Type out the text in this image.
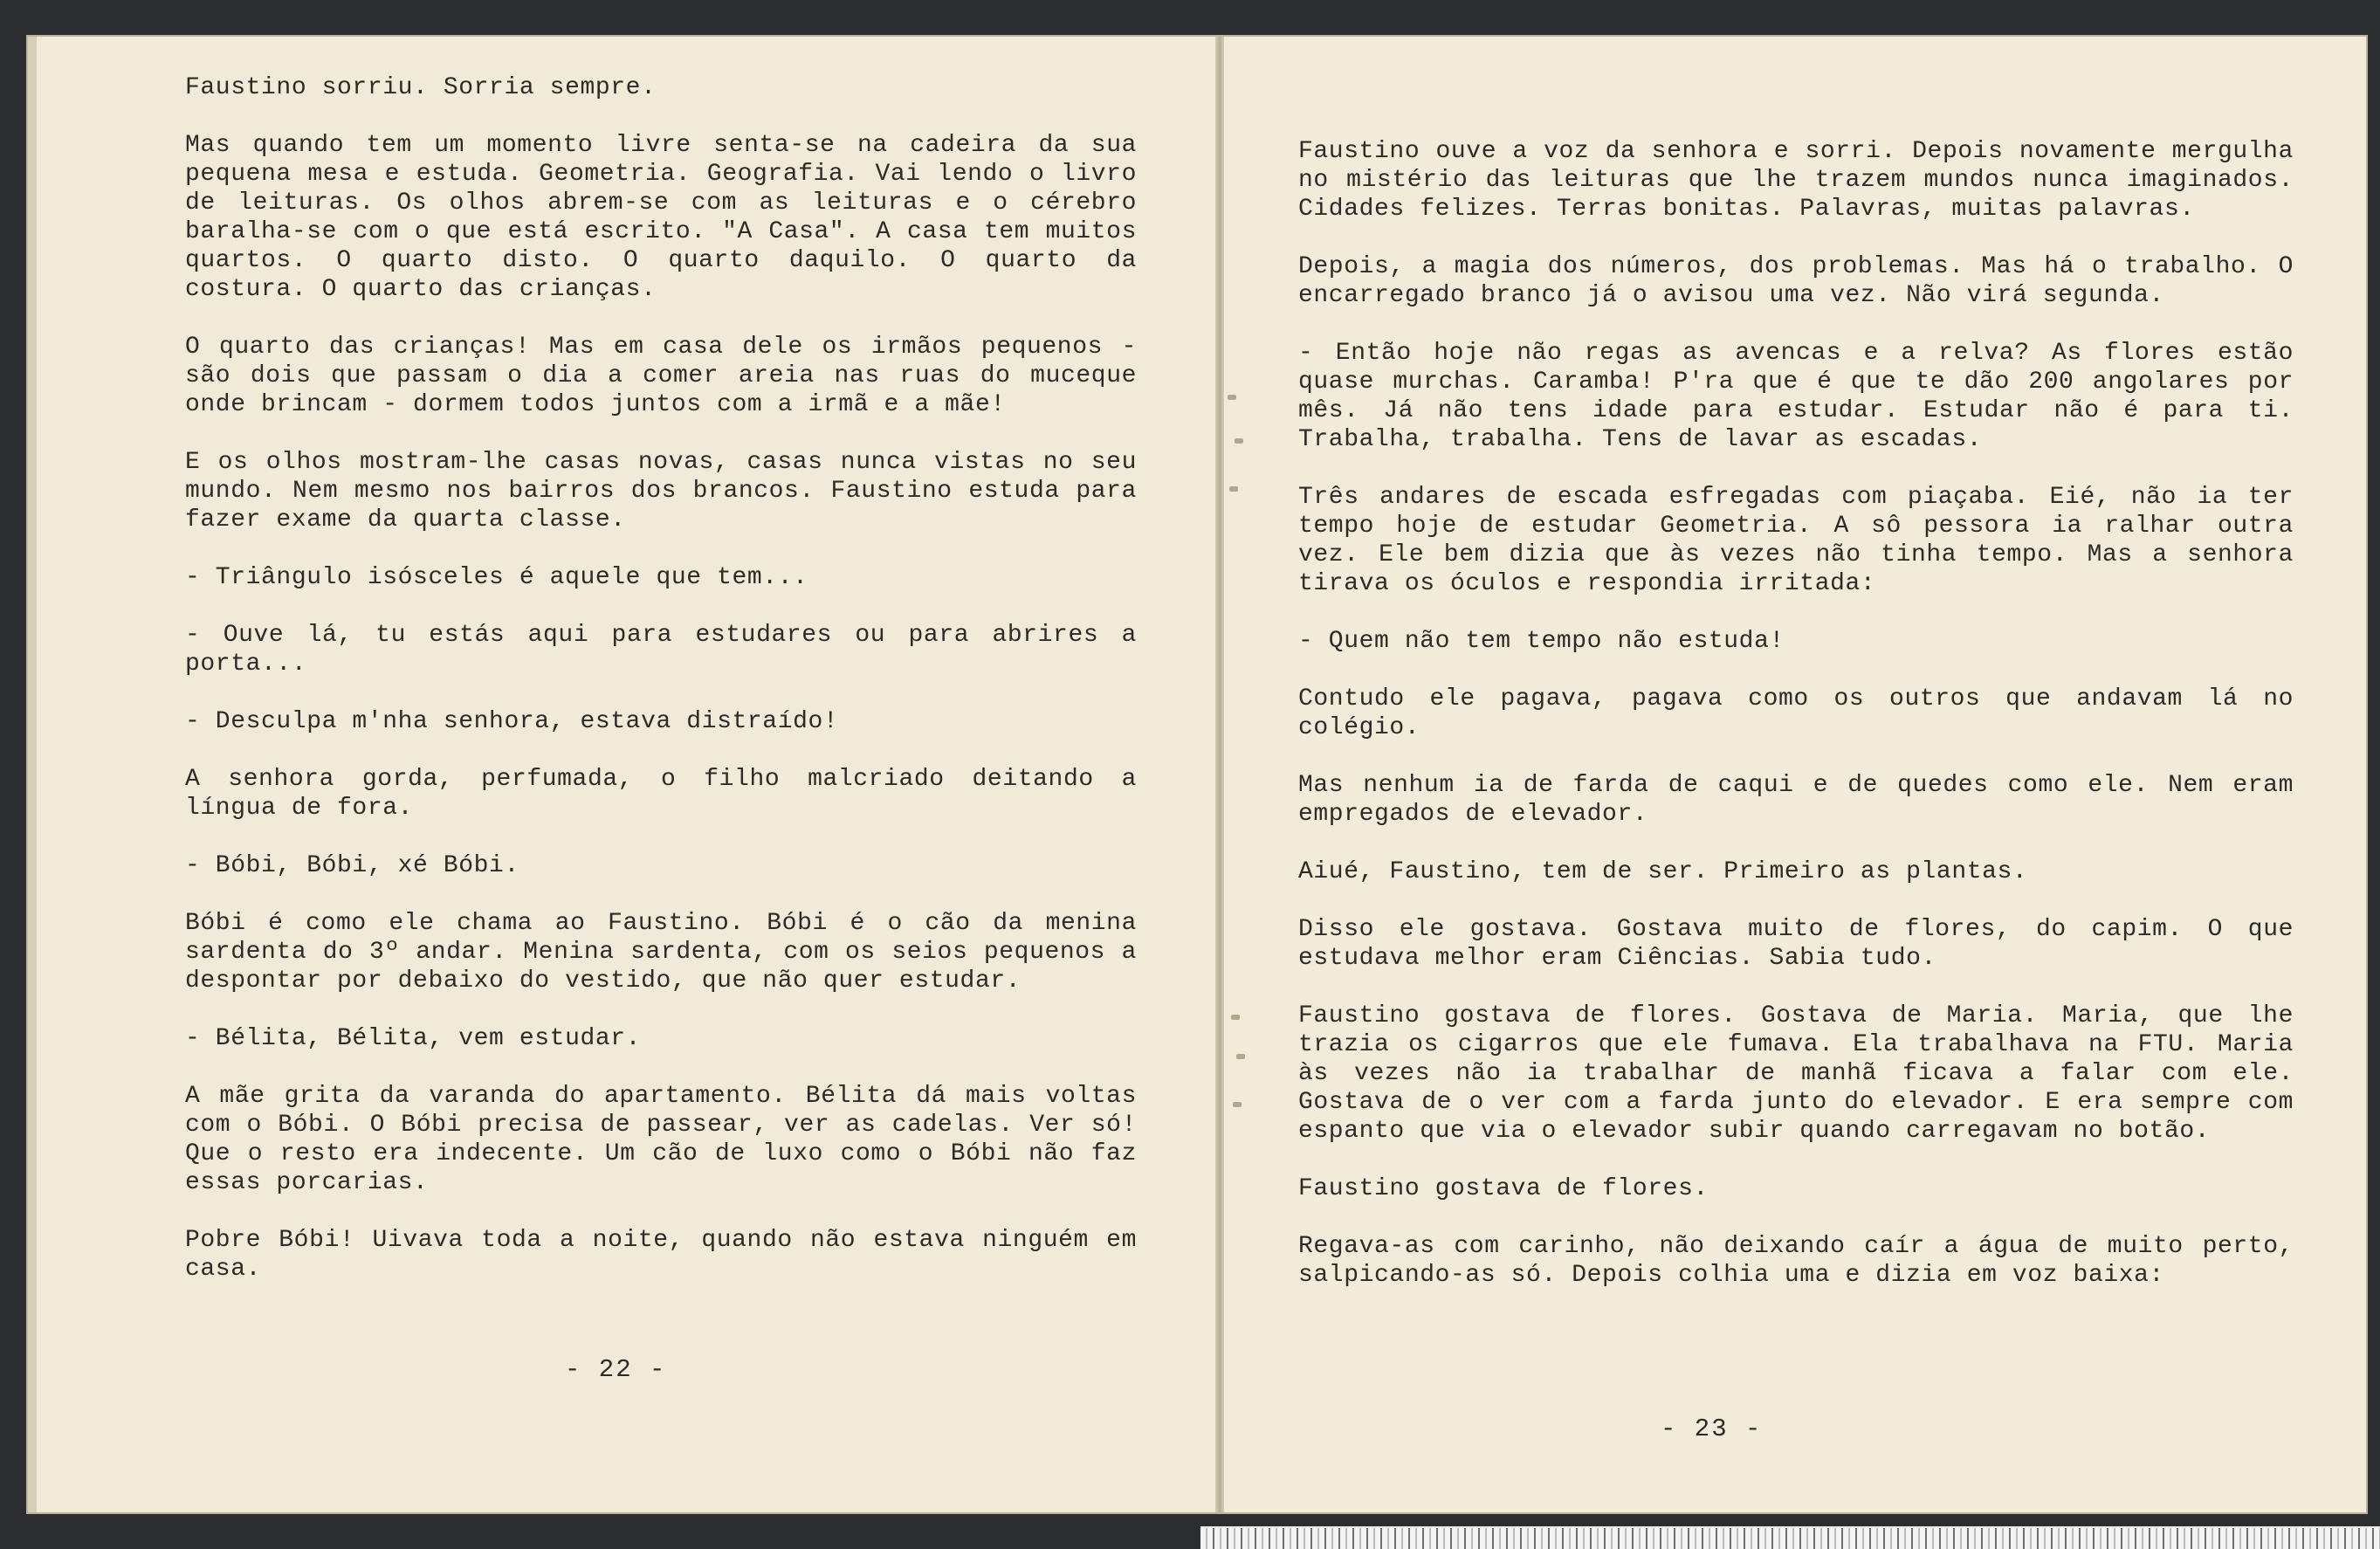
Faustino sorriu. Sorria sempre.

Mas quando tem um momento livre senta-se na cadeira da sua pequena mesa e estuda. Geometria. Geografia. Vai lendo o livro de leituras. Os olhos abrem-se com as leituras e o cérebro baralha-se com o que está escrito. "A Casa". A casa tem muitos quartos. O quarto disto. O quarto daquilo. O quarto da costura. O quarto das crianças.

O quarto das crianças! Mas em casa dele os irmãos pequenos - são dois que passam o dia a comer areia nas ruas do muceque onde brincam - dormem todos juntos com a irmã e a mãe!

E os olhos mostram-lhe casas novas, casas nunca vistas no seu mundo. Nem mesmo nos bairros dos brancos. Faustino estuda para fazer exame da quarta classe.

- Triângulo isósceles é aquele que tem...

- Ouve lá, tu estás aqui para estudares ou para abrires a porta...

- Desculpa m'nha senhora, estava distraído!

A senhora gorda, perfumada, o filho malcriado deitando a língua de fora.

- Bóbi, Bóbi, xé Bóbi.

Bóbi é como ele chama ao Faustino. Bóbi é o cão da menina sardenta do 3º andar. Menina sardenta, com os seios pequenos a despontar por debaixo do vestido, que não quer estudar.

- Bélita, Bélita, vem estudar.

A mãe grita da varanda do apartamento. Bélita dá mais voltas com o Bóbi. O Bóbi precisa de passear, ver as cadelas. Ver só! Que o resto era indecente. Um cão de luxo como o Bóbi não faz essas porcarias.

Pobre Bóbi! Uivava toda a noite, quando não estava ninguém em casa.

- 22 -

Faustino ouve a voz da senhora e sorri. Depois novamente mergulha no mistério das leituras que lhe trazem mundos nunca imaginados. Cidades felizes. Terras bonitas. Palavras, muitas palavras.

Depois, a magia dos números, dos problemas. Mas há o trabalho. O encarregado branco já o avisou uma vez. Não virá segunda.

- Então hoje não regas as avencas e a relva? As flores estão quase murchas. Caramba! P'ra que é que te dão 200 angolares por mês. Já não tens idade para estudar. Estudar não é para ti. Trabalha, trabalha. Tens de lavar as escadas.

Três andares de escada esfregadas com piaçaba. Eié, não ia ter tempo hoje de estudar Geometria. A sô pessora ia ralhar outra vez. Ele bem dizia que às vezes não tinha tempo. Mas a senhora tirava os óculos e respondia irritada:

- Quem não tem tempo não estuda!

Contudo ele pagava, pagava como os outros que andavam lá no colégio.

Mas nenhum ia de farda de caqui e de quedes como ele. Nem eram empregados de elevador.

Aiué, Faustino, tem de ser. Primeiro as plantas.

Disso ele gostava. Gostava muito de flores, do capim. O que estudava melhor eram Ciências. Sabia tudo.

Faustino gostava de flores. Gostava de Maria. Maria, que lhe trazia os cigarros que ele fumava. Ela trabalhava na FTU. Maria às vezes não ia trabalhar de manhã ficava a falar com ele. Gostava de o ver com a farda junto do elevador. E era sempre com espanto que via o elevador subir quando carregavam no botão.

Faustino gostava de flores.

Regava-as com carinho, não deixando caír a água de muito perto, salpicando-as só. Depois colhia uma e dizia em voz baixa:

- 23 -
